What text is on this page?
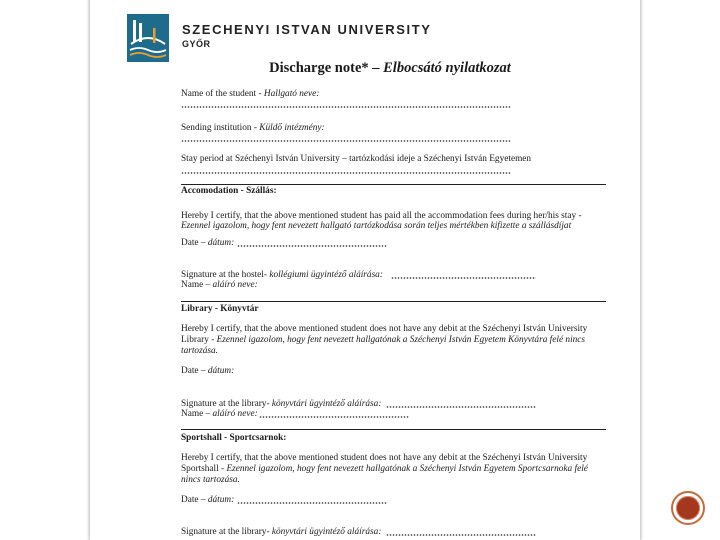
SZECHENYI ISTVAN UNIVERSITY
GYŐR
Discharge note* – Elbocsátó nyilatkozat
Name of the student - Hallgató neve:
Sending institution - Küldő intézmény:
Stay period at Széchenyi István University – tartózkodási ideje a Széchenyi István Egyetemen
Accomodation - Szállás:
Hereby I certify, that the above mentioned student has paid all the accommodation fees during her/his stay -
Ezennel igazolom, hogy fent nevezett hallgató tartózkodása során teljes mértékben kifizette a szállásdíjat
Date – dátum:
Signature at the hostel- kollégiumi ügyintéző aláírása:
Name – aláíró neve:
Library - Könyvtár
Hereby I certify, that the above mentioned student does not have any debit at the Széchenyi István University
Library - Ezennel igazolom, hogy fent nevezett hallgatónak a Széchenyi István Egyetem Könyvtára felé nincs
tartozása.
Date – dátum:
Signature at the library- könyvtári ügyintéző aláírása:
Name – aláíró neve:
Sportshall - Sportcsarnok:
Hereby I certify, that the above mentioned student does not have any debit at the Széchenyi István University
Sportshall - Ezennel igazolom, hogy fent nevezett hallgatónak a Széchenyi István Egyetem Sportcsarnoka felé
nincs tartozása.
Date – dátum:
Signature at the library- könyvtári ügyintéző aláírása:
